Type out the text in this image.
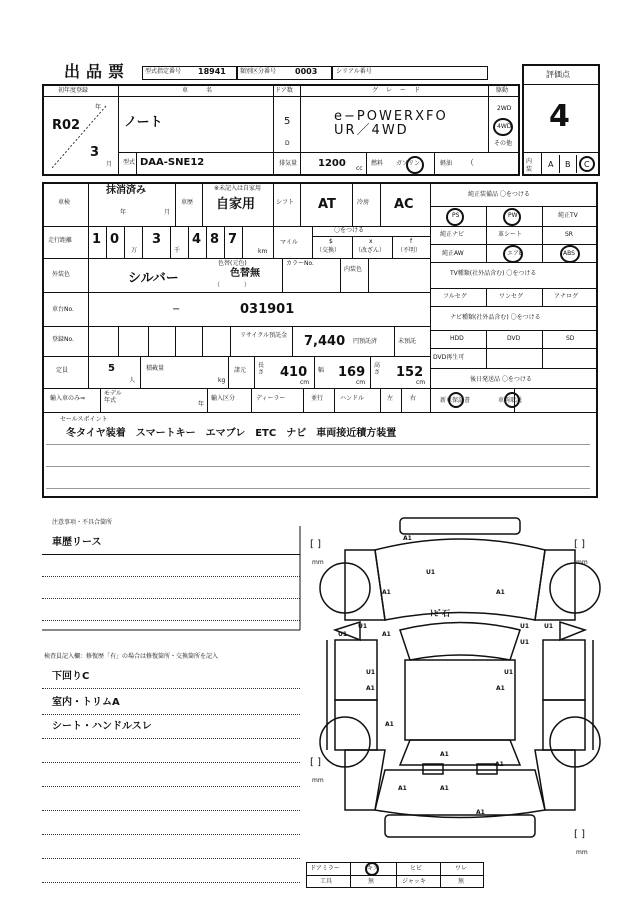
出品票 型式指定番号 18941 類別区分番号 0003	シリアル番号	評価点
4
内装
A B C
初年度登録
年
R02
3
月
車名
ノート
型式 DAA-SNE12
ドア数
5
D
グレード
e−POWERXFO
UR／4WD
駆動
2WD
4WD
その他
排気量 1200 cc
燃料 ガソリン	軽油 （
車検
抹消済み
年	月
車歴
※未記入は自家用
自家用	シフト AT	冷房 AC
走行距離 1 0
万
3
千
4 8 7
km
マイル
〇をつける
$
（交換）
x
（改ざん）
f
（不明）
外装色	シルバー
色替(元色)
色替無
（　　　　）
カラーNo.
内装色
車台No.	−	031901
登録No.
リサイクル預託金 7,440 円預託済	未預託
定員	5
人
積載量
kg
諸元
長さ 410
cm
幅 169
cm
高さ 152
cm
輸入車のみ⇒
モデル年式
年
輸入区分	ディーラー	並行	ハンドル	左	右
純正装備品 〇をつける
PS	PW	純正TV
純正ナビ	革シート	SR
純正AW	エアB	ABS
TV種類(社外品含む) 〇をつける
フルセグ	ワンセグ	アナログ
ナビ種類(社外品含む) 〇をつける
HDD	DVD	SD
DVD再生可
後日発送品 〇をつける
新車保証書	車両取説
セールスポイント
冬タイヤ装着　スマートキー　エマブレ　ETC　ナビ　車両接近積方装置
注意事項・不具合箇所
車歴リース
検査員記入欄：修復歴「有」の場合は修復箇所・交換箇所を記入
下回りC
室内・トリムA
シート・ハンドルスレ
A1
U1
A1	A1
ﾄﾋﾞ石
U1
U1
U1
U1
A1
U1
U1
A1	A1
U1
A1
A1
A1
A1	A1
A1
[ ]
mm
[ ]
mm
[ ]
mm
[ ]
mm
ドアミラー	キズ	ヒビ	ワレ
工具	無	ジャッキ	無
